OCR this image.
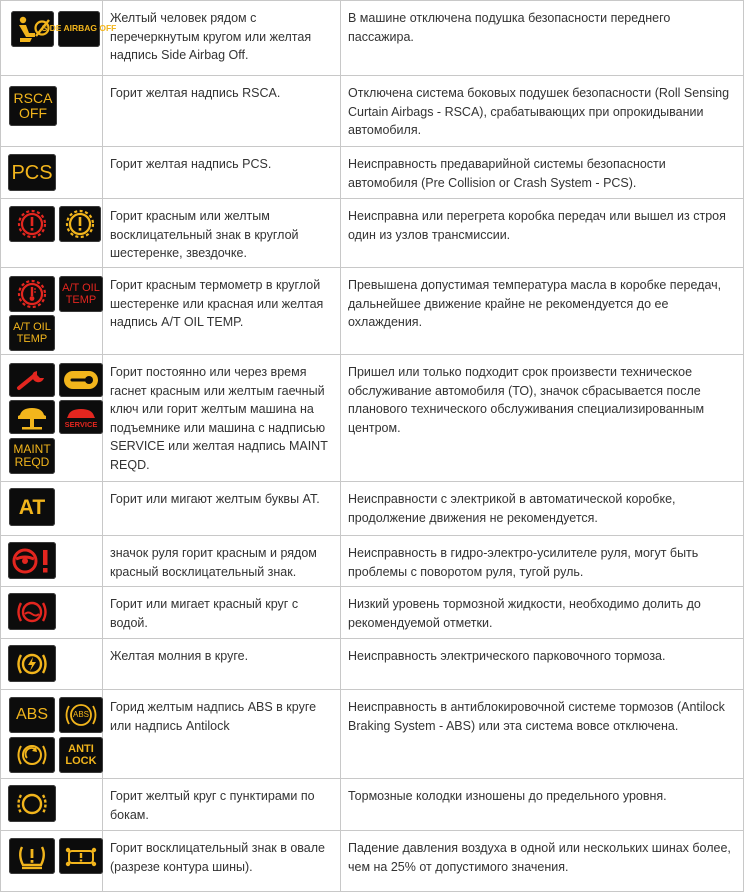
SIDE AIRBAG OFF	Желтый человек рядом с перечеркнутым кругом или желтая надпись Side Airbag Off.	В машине отключена подушка безопасности переднего пассажира.

RSCA
OFF	Горит желтая надпись RSCA.	Отключена система боковых подушек безопасности (Roll Sensing Curtain Airbags - RSCA), срабатывающих при опрокидывании автомобиля.

PCS	Горит желтая надпись PCS.	Неисправность предаварийной системы безопасности автомобиля (Pre Collision or Crash System - PCS).

Горит красным или желтым восклицательный знак в круглой шестеренке, звездочке.	Неисправна или перегрета коробка передач или вышел из строя один из узлов трансмиссии.

A/T OIL
TEMP
A/T OIL
TEMP	Горит красным термометр в круглой шестеренке или красная или желтая надпись A/T OIL TEMP.	Превышена допустимая температура масла в коробке передач, дальнейшее движение крайне не рекомендуется до ее охлаждения.

SERVICE
MAINT
REQD	Горит постоянно или через время гаснет красным или желтым гаечный ключ или горит желтым машина на подъемнике или машина с надписью SERVICE или желтая надпись MAINT REQD.	Пришел или только подходит срок произвести техническое обслуживание автомобиля (ТО), значок сбрасывается после планового технического обслуживания специализированным центром.

AT	Горит или мигают желтым буквы AT.	Неисправности с электрикой в автоматической коробке, продолжение движения не рекомендуется.

значок руля горит красным и рядом красный восклицательный знак.	Неисправность в гидро-электро-усилителе руля, могут быть проблемы с поворотом руля, тугой руль.

Горит или мигает красный круг с водой.	Низкий уровень тормозной жидкости, необходимо долить до рекомендуемой отметки.

Желтая молния в круге.	Неисправность электрического парковочного тормоза.

ABS ABS
ANTI
LOCK	Горид желтым надпись ABS в круге или надпись Antilock	Неисправность в антиблокировочной системе тормозов (Antilock Braking System - ABS) или эта система вовсе отключена.

Горит желтый круг с пунктирами по бокам.	Тормозные колодки изношены до предельного уровня.

Горит восклицательный знак в овале (разрезе контура шины).	Падение давления воздуха в одной или нескольких шинах более, чем на 25% от допустимого значения.
